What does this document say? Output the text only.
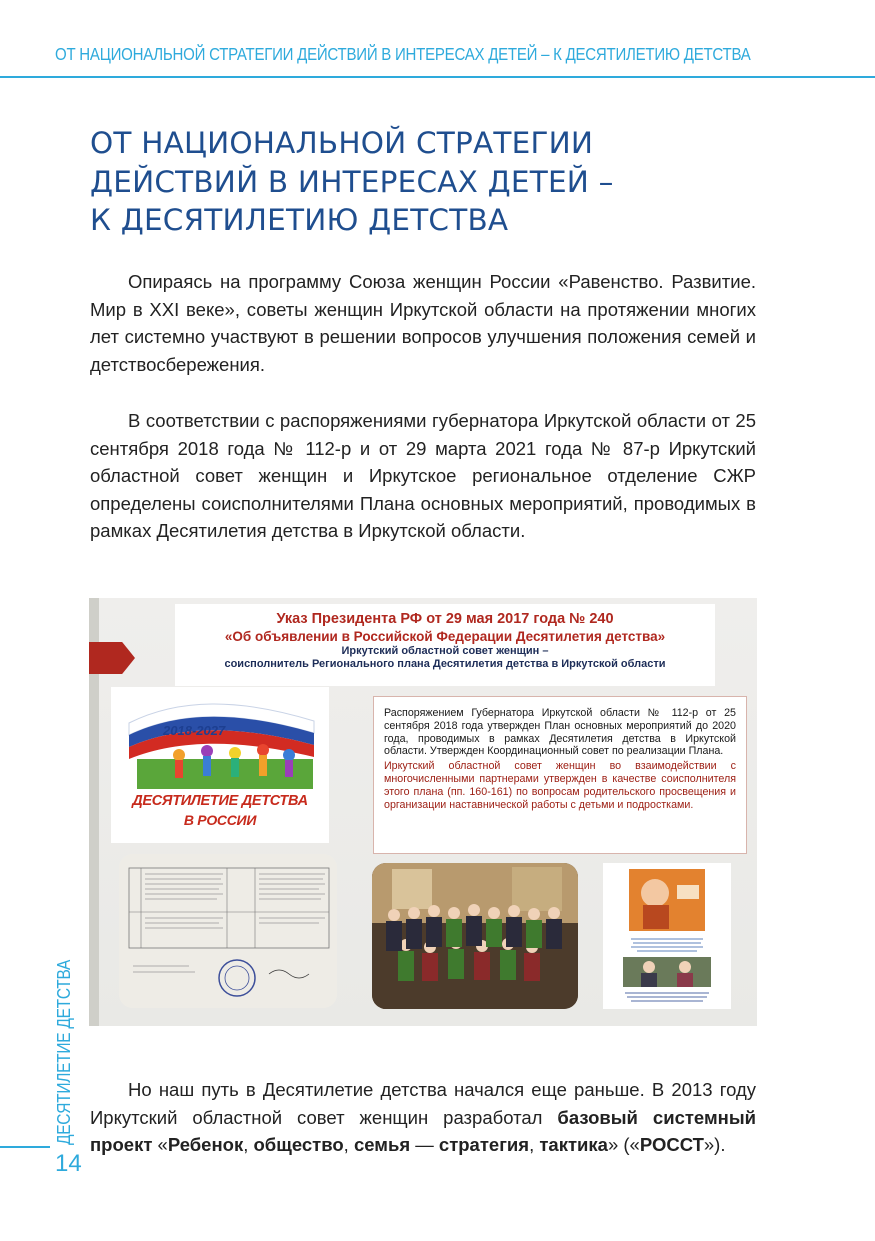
ОТ НАЦИОНАЛЬНОЙ СТРАТЕГИИ ДЕЙСТВИЙ В ИНТЕРЕСАХ ДЕТЕЙ – К ДЕСЯТИЛЕТИЮ ДЕТСТВА
ОТ НАЦИОНАЛЬНОЙ СТРАТЕГИИ
ДЕЙСТВИЙ В ИНТЕРЕСАХ ДЕТЕЙ –
К ДЕСЯТИЛЕТИЮ ДЕТСТВА

Опираясь на программу Союза женщин России «Равенство. Развитие. Мир в XXI веке», советы женщин Иркутской области на протяжении многих лет системно участвуют в решении вопросов улучшения положения семей и детствосбережения.

В соответствии с распоряжениями губернатора Иркутской области от 25 сентября 2018 года № 112-р и от 29 марта 2021 года № 87-р Иркутский областной совет женщин и Иркутское региональное отделение СЖР определены соисполнителями Плана основных мероприятий, проводимых в рамках Десятилетия детства в Иркутской области.

Указ Президента РФ от 29 мая 2017 года № 240
«Об объявлении в Российской Федерации Десятилетия детства»
Иркутский областной совет женщин –
соисполнитель Регионального плана Десятилетия детства в Иркутской области
2018-2027
ДЕСЯТИЛЕТИЕ ДЕТСТВА
В РОССИИ

Распоряжением Губернатора Иркутской области № 112-р от 25 сентября 2018 года утвержден План основных мероприятий до 2020 года, проводимых в рамках Десятилетия детства в Иркутской области. Утвержден Координационный совет по реализации Плана.

Иркутский областной совет женщин во взаимодействии с многочисленными партнерами утвержден в качестве соисполнителя этого плана (пп. 160-161) по вопросам родительского просвещения и организации наставнической работы с детьми и подростками.

Но наш путь в Десятилетие детства начался еще раньше. В 2013 году Иркутский областной совет женщин разработал базовый системный проект «Ребенок, общество, семья — стратегия, тактика» («РОССТ»).

ДЕСЯТИЛЕТИЕ ДЕТСТВА
14
